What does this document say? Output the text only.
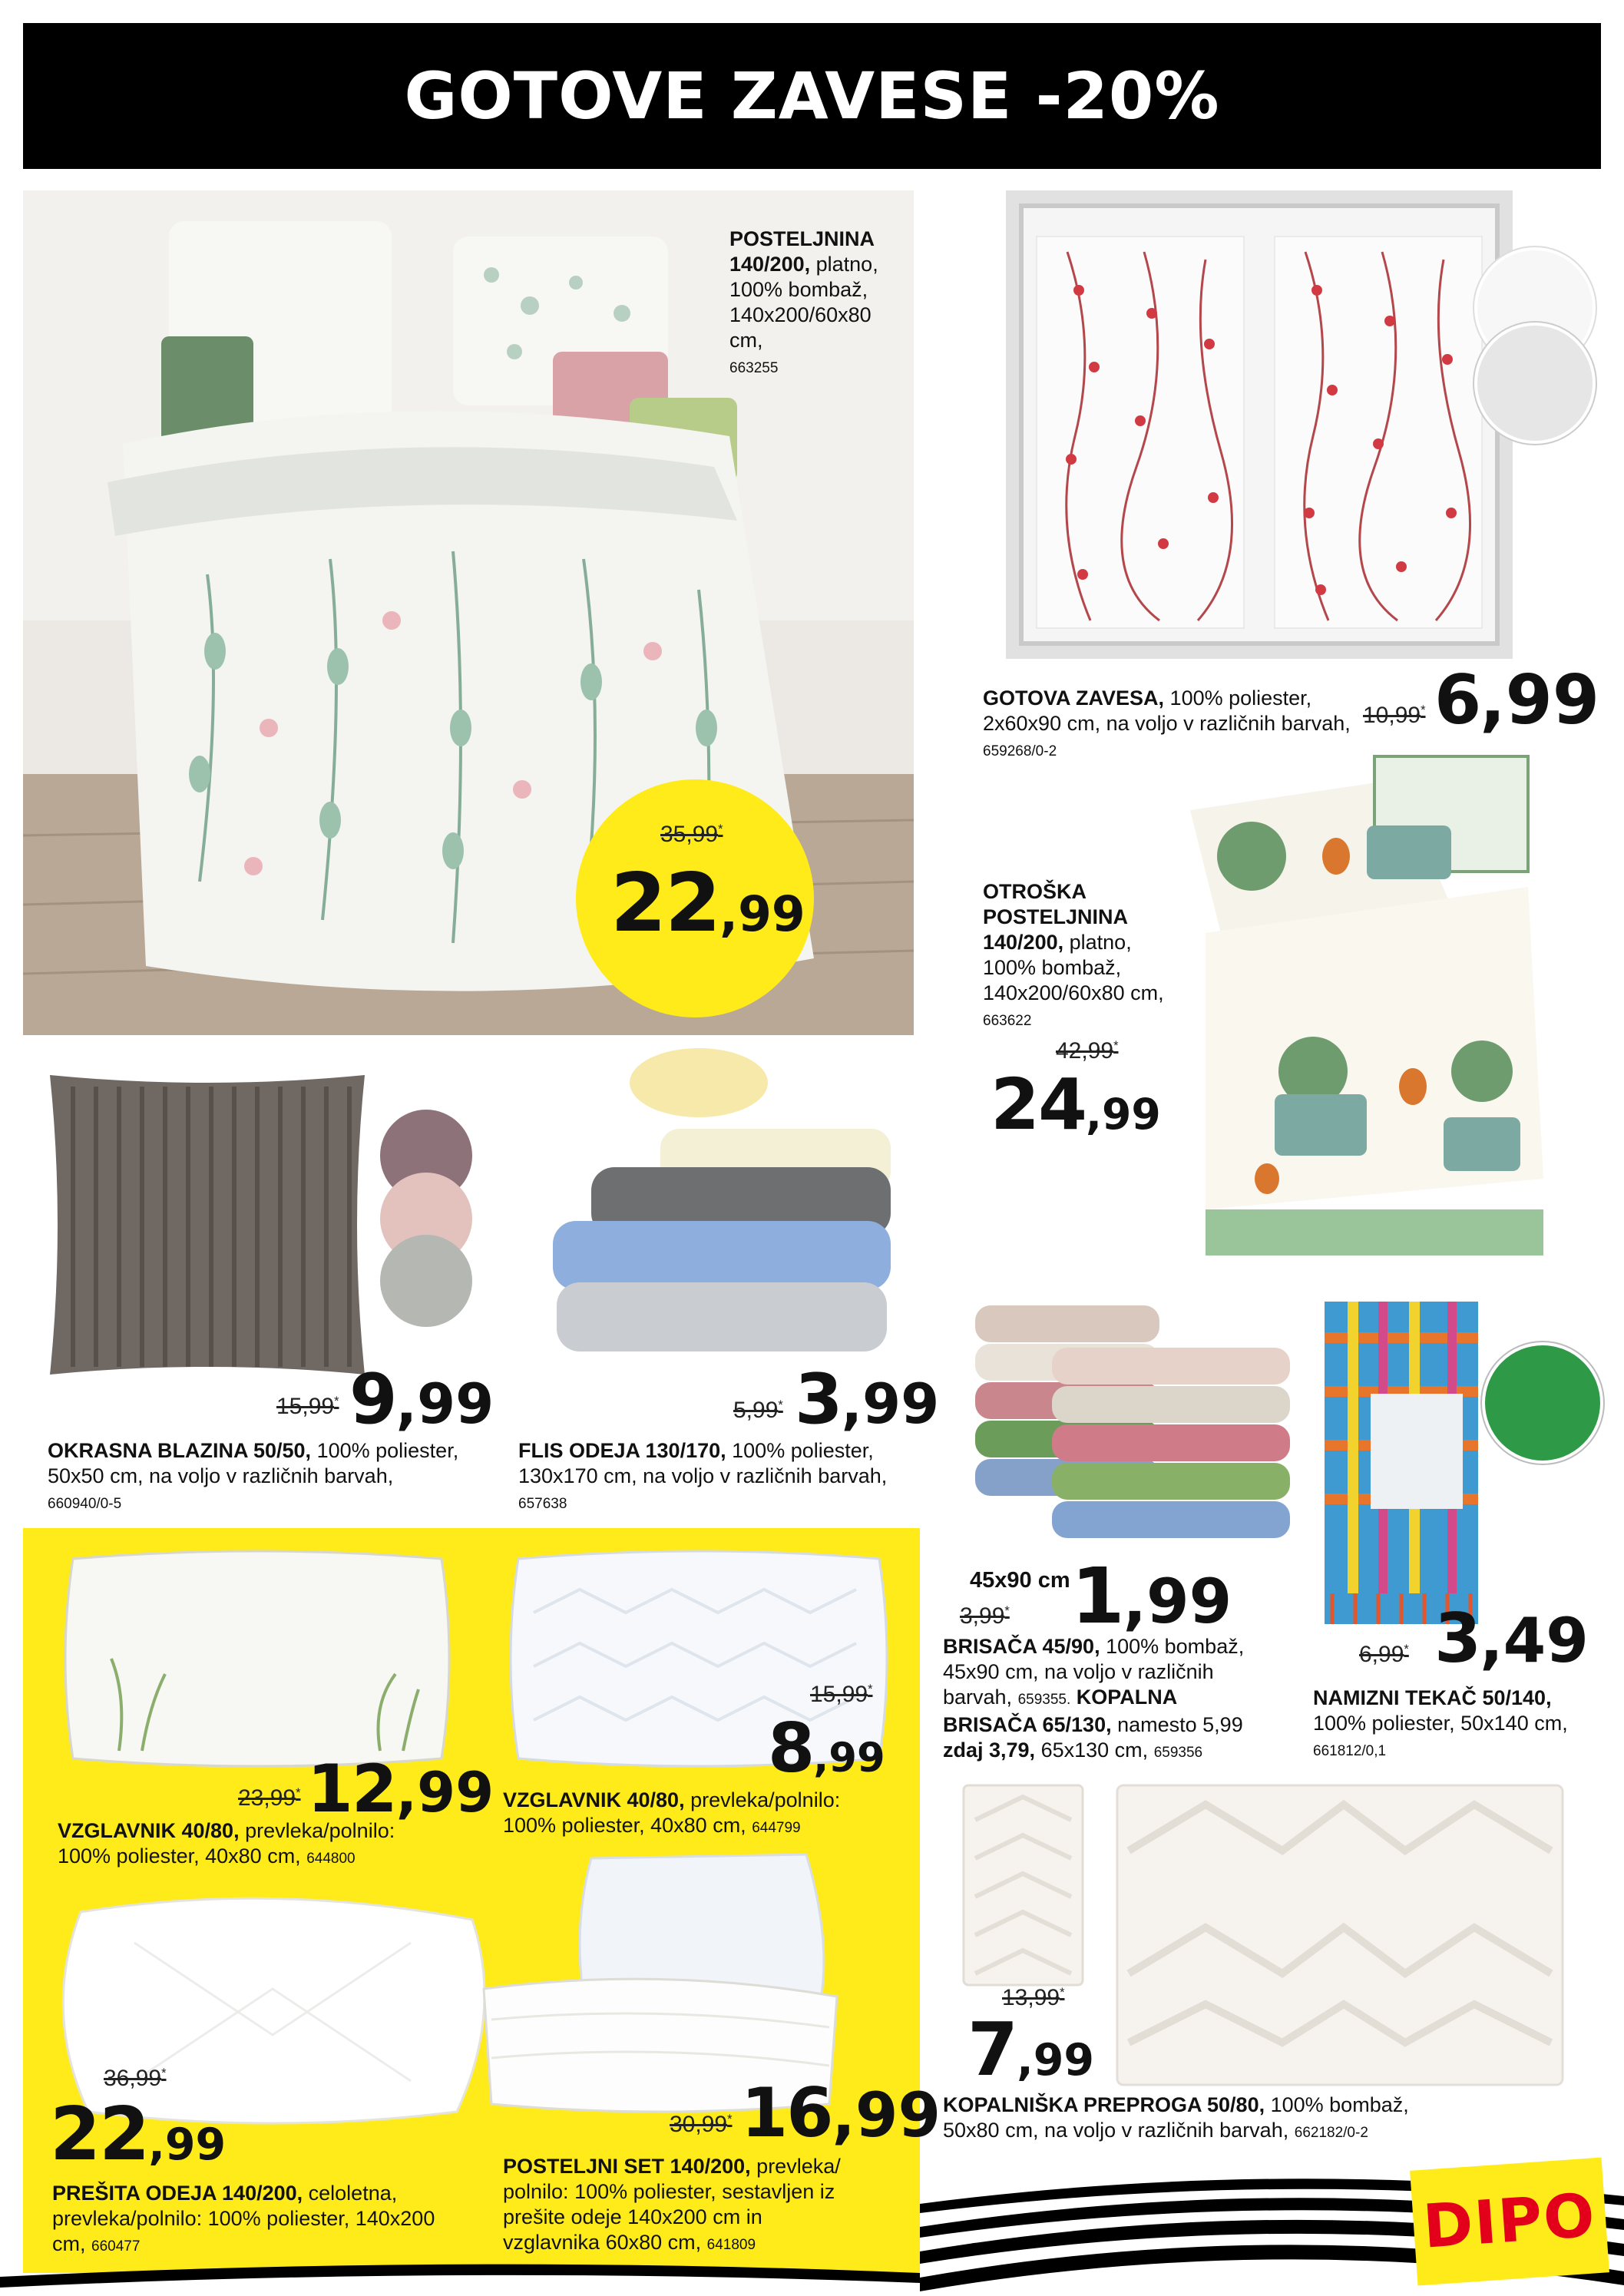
GOTOVE ZAVESE -20%
POSTELJNINA 140/200, platno, 100% bombaž, 140x200/60x80 cm,
663255
35,99*
22,99
GOTOVA ZAVESA, 100% poliester, 2x60x90 cm, na voljo v različnih barvah, 659268/0-2
10,99* 6,99
OTROŠKA POSTELJNINA 140/200, platno, 100% bombaž, 140x200/60x80 cm,
663622
42,99*
24,99
15,99* 9,99
OKRASNA BLAZINA 50/50, 100% poliester, 50x50 cm, na voljo v različnih barvah, 660940/0-5
5,99* 3,99
FLIS ODEJA 130/170, 100% poliester, 130x170 cm, na voljo v različnih barvah,
657638
45x90 cm
3,99* 1,99
BRISAČA 45/90, 100% bombaž, 45x90 cm, na voljo v različnih barvah, 659355. KOPALNA BRISAČA 65/130, namesto 5,99 zdaj 3,79, 65x130 cm, 659356
6,99* 3,49
NAMIZNI TEKAČ 50/140, 100% poliester, 50x140 cm,
661812/0,1
23,99* 12,99
VZGLAVNIK 40/80, prevleka/polnilo: 100% poliester, 40x80 cm, 644800
15,99*
8,99
VZGLAVNIK 40/80, prevleka/polnilo: 100% poliester, 40x80 cm, 644799
36,99*
22,99
PREŠITA ODEJA 140/200, celoletna, prevleka/polnilo: 100% poliester, 140x200 cm, 660477
30,99* 16,99
POSTELJNI SET 140/200, prevleka/ polnilo: 100% poliester, sestavljen iz prešite odeje 140x200 cm in vzglavnika 60x80 cm, 641809
13,99*
7,99
KOPALNIŠKA PREPROGA 50/80, 100% bombaž, 50x80 cm, na voljo v različnih barvah, 662182/0-2
DIPO
